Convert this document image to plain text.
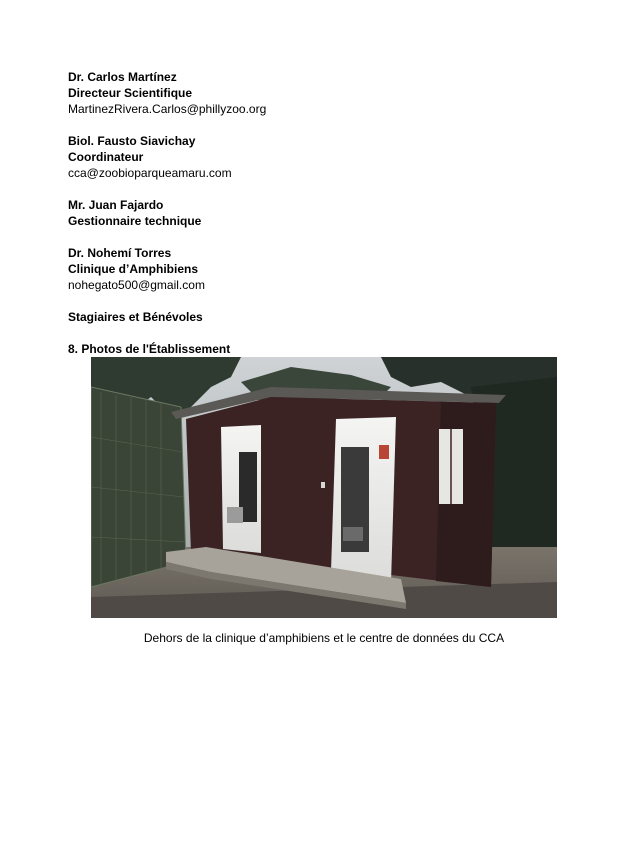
Dr. Carlos Martínez
Directeur Scientifique
MartinezRivera.Carlos@phillyzoo.org
Biol. Fausto Siavichay
Coordinateur
cca@zoobioparqueamaru.com
Mr. Juan Fajardo
Gestionnaire technique
Dr. Nohemí Torres
Clinique d’Amphibiens
nohegato500@gmail.com
Stagiaires et Bénévoles
8. Photos de l'Établissement
Dehors de la clinique d’amphibiens et le centre de données du CCA
